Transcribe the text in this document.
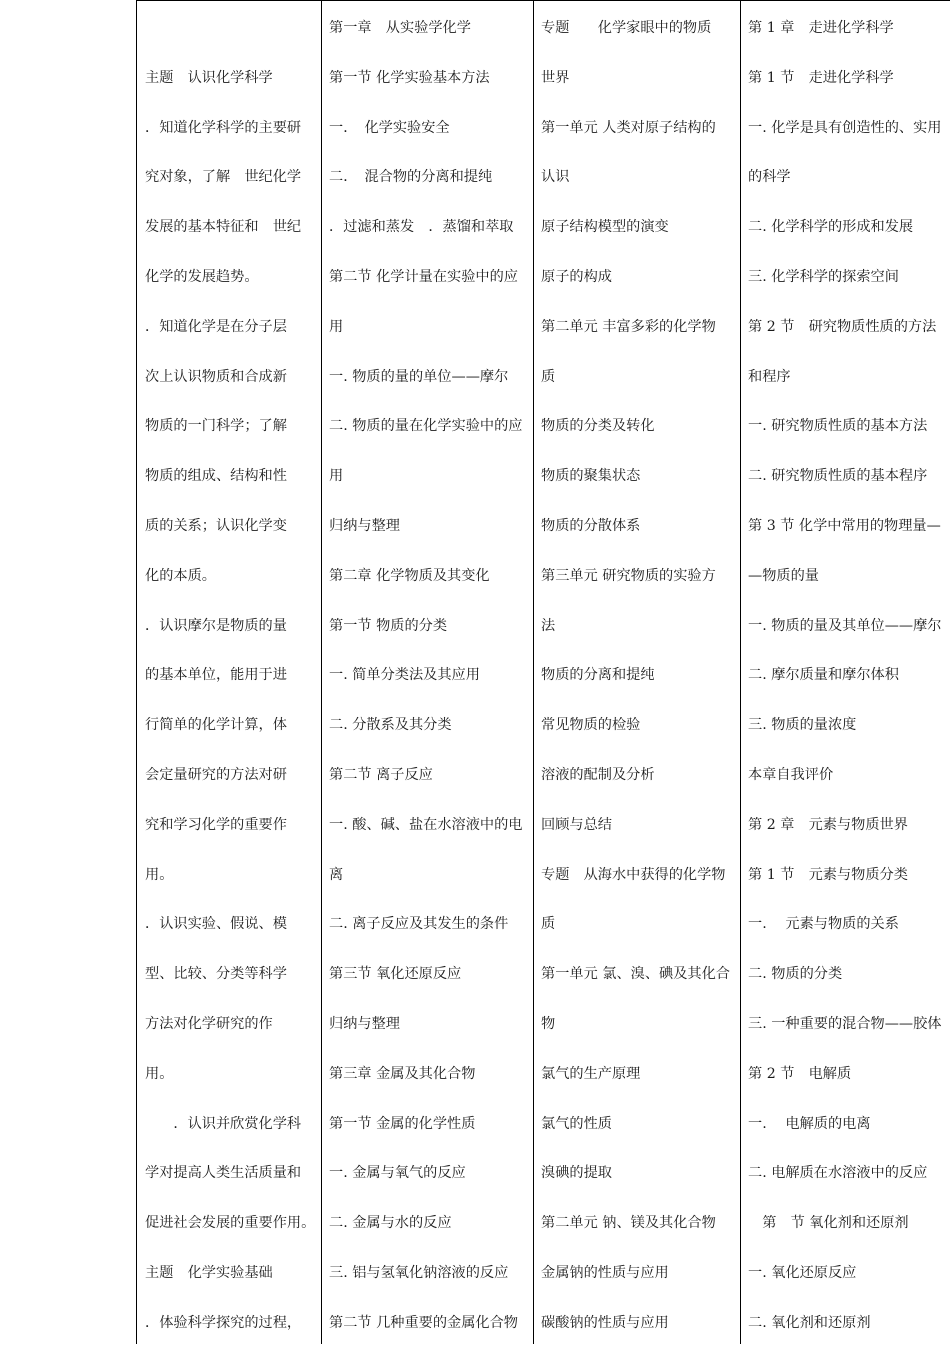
主题　认识化学科学
．知道化学科学的主要研
究对象，了解　世纪化学
发展的基本特征和　世纪
化学的发展趋势。
．知道化学是在分子层
次上认识物质和合成新
物质的一门科学；了解
物质的组成、结构和性
质的关系；认识化学变
化的本质。
．认识摩尔是物质的量
的基本单位，能用于进
行简单的化学计算，体
会定量研究的方法对研
究和学习化学的重要作
用。
．认识实验、假说、模
型、比较、分类等科学
方法对化学研究的作
用。
　　．认识并欣赏化学科
学对提高人类生活质量和
促进社会发展的重要作用。
主题　化学实验基础
．体验科学探究的过程，
第一章　从实验学化学
第一节 化学实验基本方法
一．　化学实验安全
二．　混合物的分离和提纯
．过滤和蒸发　．蒸馏和萃取
第二节 化学计量在实验中的应
用
一. 物质的量的单位——摩尔
二. 物质的量在化学实验中的应
用
归纳与整理
第二章 化学物质及其变化
第一节 物质的分类
一. 简单分类法及其应用
二. 分散系及其分类
第二节 离子反应
一. 酸、碱、盐在水溶液中的电
离
二. 离子反应及其发生的条件
第三节 氧化还原反应
归纳与整理
第三章 金属及其化合物
第一节 金属的化学性质
一. 金属与氧气的反应
二. 金属与水的反应
三. 铝与氢氧化钠溶液的反应
第二节 几种重要的金属化合物
专题　　化学家眼中的物质
世界
第一单元 人类对原子结构的
认识
原子结构模型的演变
原子的构成
第二单元 丰富多彩的化学物
质
物质的分类及转化
物质的聚集状态
物质的分散体系
第三单元 研究物质的实验方
法
物质的分离和提纯
常见物质的检验
溶液的配制及分析
回顾与总结
专题　从海水中获得的化学物
质
第一单元 氯、溴、碘及其化合
物
氯气的生产原理
氯气的性质
溴碘的提取
第二单元 钠、镁及其化合物
金属钠的性质与应用
碳酸钠的性质与应用
第 1 章　走进化学科学
第 1 节　走进化学科学
一. 化学是具有创造性的、实用
的科学
二. 化学科学的形成和发展
三. 化学科学的探索空间
第 2 节　研究物质性质的方法
和程序
一. 研究物质性质的基本方法
二. 研究物质性质的基本程序
第 3 节 化学中常用的物理量—
—物质的量
一. 物质的量及其单位——摩尔
二. 摩尔质量和摩尔体积
三. 物质的量浓度
本章自我评价
第 2 章　元素与物质世界
第 1 节　元素与物质分类
一.　 元素与物质的关系
二. 物质的分类
三. 一种重要的混合物——胶体
第 2 节　电解质
一.　 电解质的电离
二. 电解质在水溶液中的反应
　第　节 氧化剂和还原剂
一. 氧化还原反应
二. 氧化剂和还原剂
